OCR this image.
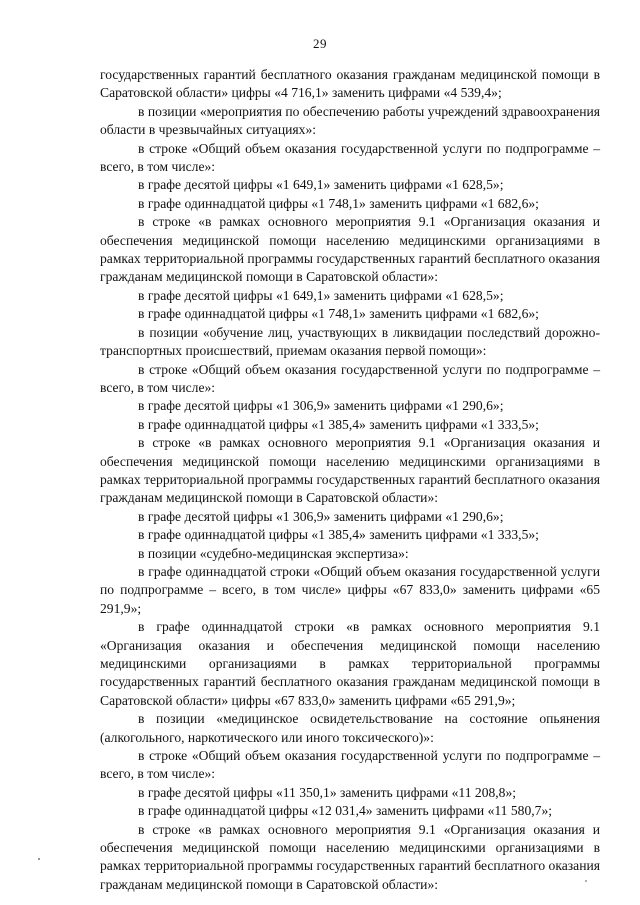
29

государственных гарантий бесплатного оказания гражданам медицинской помощи в Саратовской области» цифры «4 716,1» заменить цифрами «4 539,4»;

в позиции «мероприятия по обеспечению работы учреждений здравоохранения области в чрезвычайных ситуациях»:

в строке «Общий объем оказания государственной услуги по подпрограмме – всего, в том числе»:

в графе десятой цифры «1 649,1» заменить цифрами «1 628,5»;

в графе одиннадцатой цифры «1 748,1» заменить цифрами «1 682,6»;

в строке «в рамках основного мероприятия 9.1 «Организация оказания и обеспечения медицинской помощи населению медицинскими организациями в рамках территориальной программы государственных гарантий бесплатного оказания гражданам медицинской помощи в Саратовской области»:

в графе десятой цифры «1 649,1» заменить цифрами «1 628,5»;

в графе одиннадцатой цифры «1 748,1» заменить цифрами «1 682,6»;

в позиции «обучение лиц, участвующих в ликвидации последствий дорожно-транспортных происшествий, приемам оказания первой помощи»:

в строке «Общий объем оказания государственной услуги по подпрограмме – всего, в том числе»:

в графе десятой цифры «1 306,9» заменить цифрами «1 290,6»;

в графе одиннадцатой цифры «1 385,4» заменить цифрами «1 333,5»;

в строке «в рамках основного мероприятия 9.1 «Организация оказания и обеспечения медицинской помощи населению медицинскими организациями в рамках территориальной программы государственных гарантий бесплатного оказания гражданам медицинской помощи в Саратовской области»:

в графе десятой цифры «1 306,9» заменить цифрами «1 290,6»;

в графе одиннадцатой цифры «1 385,4» заменить цифрами «1 333,5»;

в позиции «судебно-медицинская экспертиза»:

в графе одиннадцатой строки «Общий объем оказания государственной услуги по подпрограмме – всего, в том числе» цифры «67 833,0» заменить цифрами «65 291,9»;

в графе одиннадцатой строки «в рамках основного мероприятия 9.1 «Организация оказания и обеспечения медицинской помощи населению медицинскими организациями в рамках территориальной программы государственных гарантий бесплатного оказания гражданам медицинской помощи в Саратовской области» цифры «67 833,0» заменить цифрами «65 291,9»;

в позиции «медицинское освидетельствование на состояние опьянения (алкогольного, наркотического или иного токсического)»:

в строке «Общий объем оказания государственной услуги по подпрограмме – всего, в том числе»:

в графе десятой цифры «11 350,1» заменить цифрами «11 208,8»;

в графе одиннадцатой цифры «12 031,4» заменить цифрами «11 580,7»;

в строке «в рамках основного мероприятия 9.1 «Организация оказания и обеспечения медицинской помощи населению медицинскими организациями в рамках территориальной программы государственных гарантий бесплатного оказания гражданам медицинской помощи в Саратовской области»:
